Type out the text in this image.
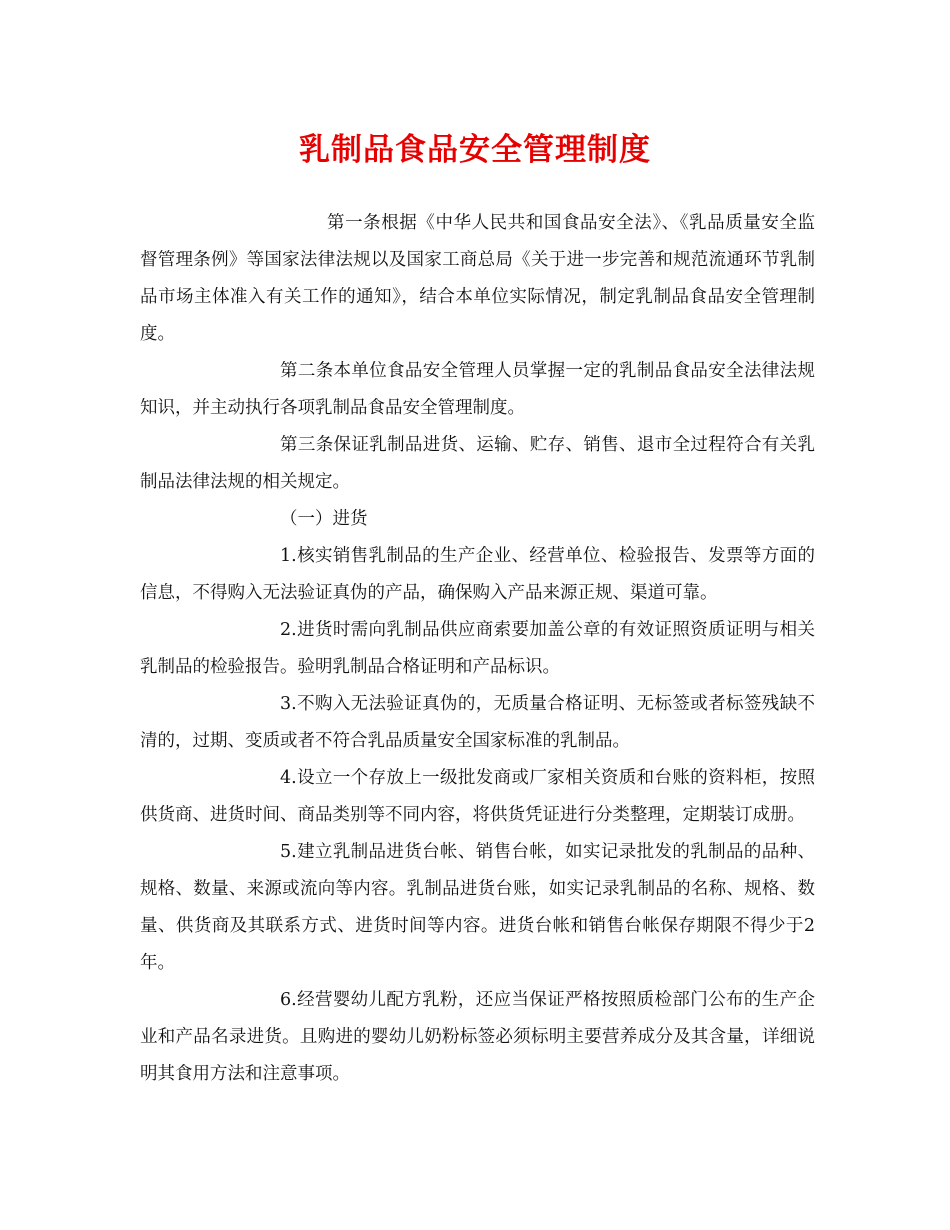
乳制品食品安全管理制度

第一条根据《中华人民共和国食品安全法》、《乳品质量安全监督管理条例》等国家法律法规以及国家工商总局《关于进一步完善和规范流通环节乳制品市场主体准入有关工作的通知》，结合本单位实际情况，制定乳制品食品安全管理制度。

第二条本单位食品安全管理人员掌握一定的乳制品食品安全法律法规知识，并主动执行各项乳制品食品安全管理制度。

第三条保证乳制品进货、运输、贮存、销售、退市全过程符合有关乳制品法律法规的相关规定。

（一）进货

1.核实销售乳制品的生产企业、经营单位、检验报告、发票等方面的信息，不得购入无法验证真伪的产品，确保购入产品来源正规、渠道可靠。

2.进货时需向乳制品供应商索要加盖公章的有效证照资质证明与相关乳制品的检验报告。验明乳制品合格证明和产品标识。

3.不购入无法验证真伪的，无质量合格证明、无标签或者标签残缺不清的，过期、变质或者不符合乳品质量安全国家标准的乳制品。

4.设立一个存放上一级批发商或厂家相关资质和台账的资料柜，按照供货商、进货时间、商品类别等不同内容，将供货凭证进行分类整理，定期装订成册。

5.建立乳制品进货台帐、销售台帐，如实记录批发的乳制品的品种、规格、数量、来源或流向等内容。乳制品进货台账，如实记录乳制品的名称、规格、数量、供货商及其联系方式、进货时间等内容。进货台帐和销售台帐保存期限不得少于2年。

6.经营婴幼儿配方乳粉，还应当保证严格按照质检部门公布的生产企业和产品名录进货。且购进的婴幼儿奶粉标签必须标明主要营养成分及其含量，详细说明其食用方法和注意事项。
